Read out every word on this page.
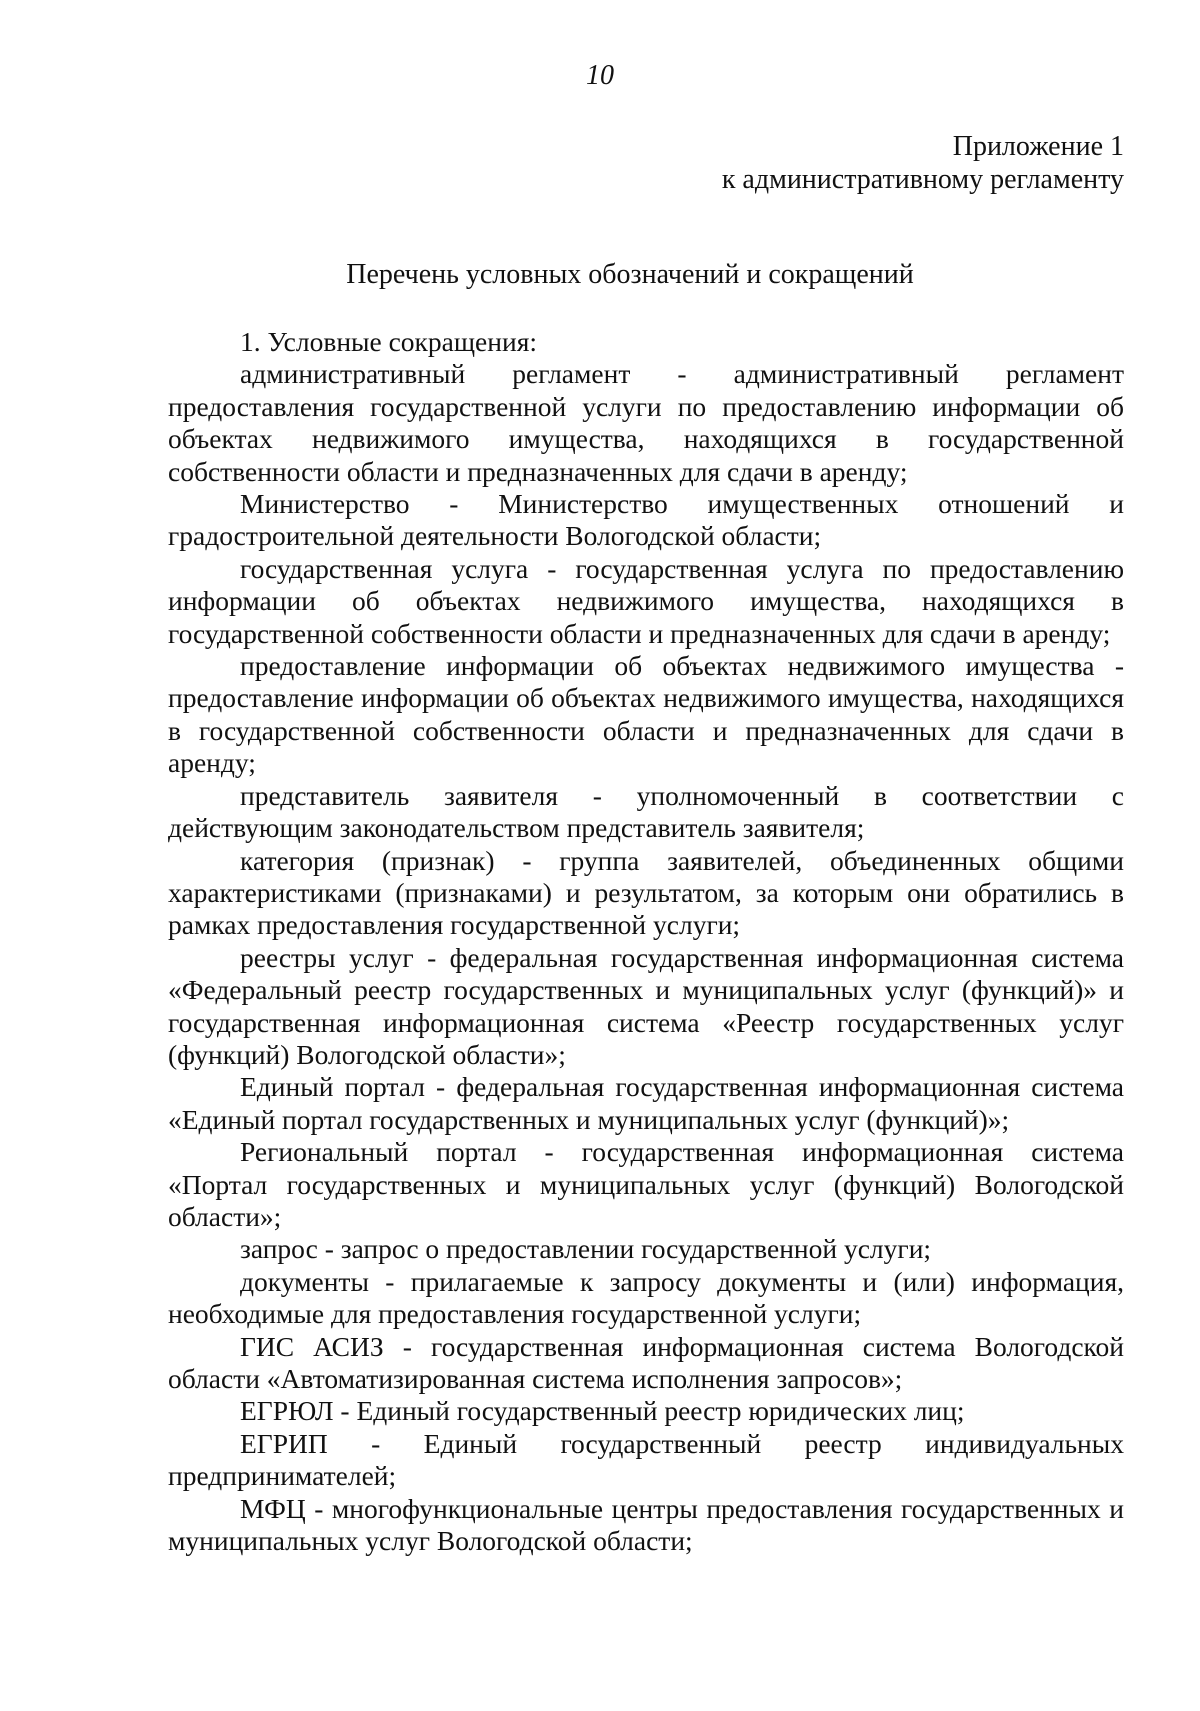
10
Приложение 1
к административному регламенту
Перечень условных обозначений и сокращений

1. Условные сокращения:

административный регламент - административный регламент предоставления государственной услуги по предоставлению информации об объектах недвижимого имущества, находящихся в государственной собственности области и предназначенных для сдачи в аренду;

Министерство - Министерство имущественных отношений и градостроительной деятельности Вологодской области;

государственная услуга - государственная услуга по предоставлению информации об объектах недвижимого имущества, находящихся в государственной собственности области и предназначенных для сдачи в аренду;

предоставление информации об объектах недвижимого имущества - предоставление информации об объектах недвижимого имущества, находящихся в государственной собственности области и предназначенных для сдачи в аренду;

представитель заявителя - уполномоченный в соответствии с действующим законодательством представитель заявителя;

категория (признак) - группа заявителей, объединенных общими характеристиками (признаками) и результатом, за которым они обратились в рамках предоставления государственной услуги;

реестры услуг - федеральная государственная информационная система «Федеральный реестр государственных и муниципальных услуг (функций)» и государственная информационная система «Реестр государственных услуг (функций) Вологодской области»;

Единый портал - федеральная государственная информационная система «Единый портал государственных и муниципальных услуг (функций)»;

Региональный портал - государственная информационная система «Портал государственных и муниципальных услуг (функций) Вологодской области»;

запрос - запрос о предоставлении государственной услуги;

документы - прилагаемые к запросу документы и (или) информация, необходимые для предоставления государственной услуги;

ГИС АСИЗ - государственная информационная система Вологодской области «Автоматизированная система исполнения запросов»;

ЕГРЮЛ - Единый государственный реестр юридических лиц;

ЕГРИП - Единый государственный реестр индивидуальных предпринимателей;

МФЦ - многофункциональные центры предоставления государственных и муниципальных услуг Вологодской области;
